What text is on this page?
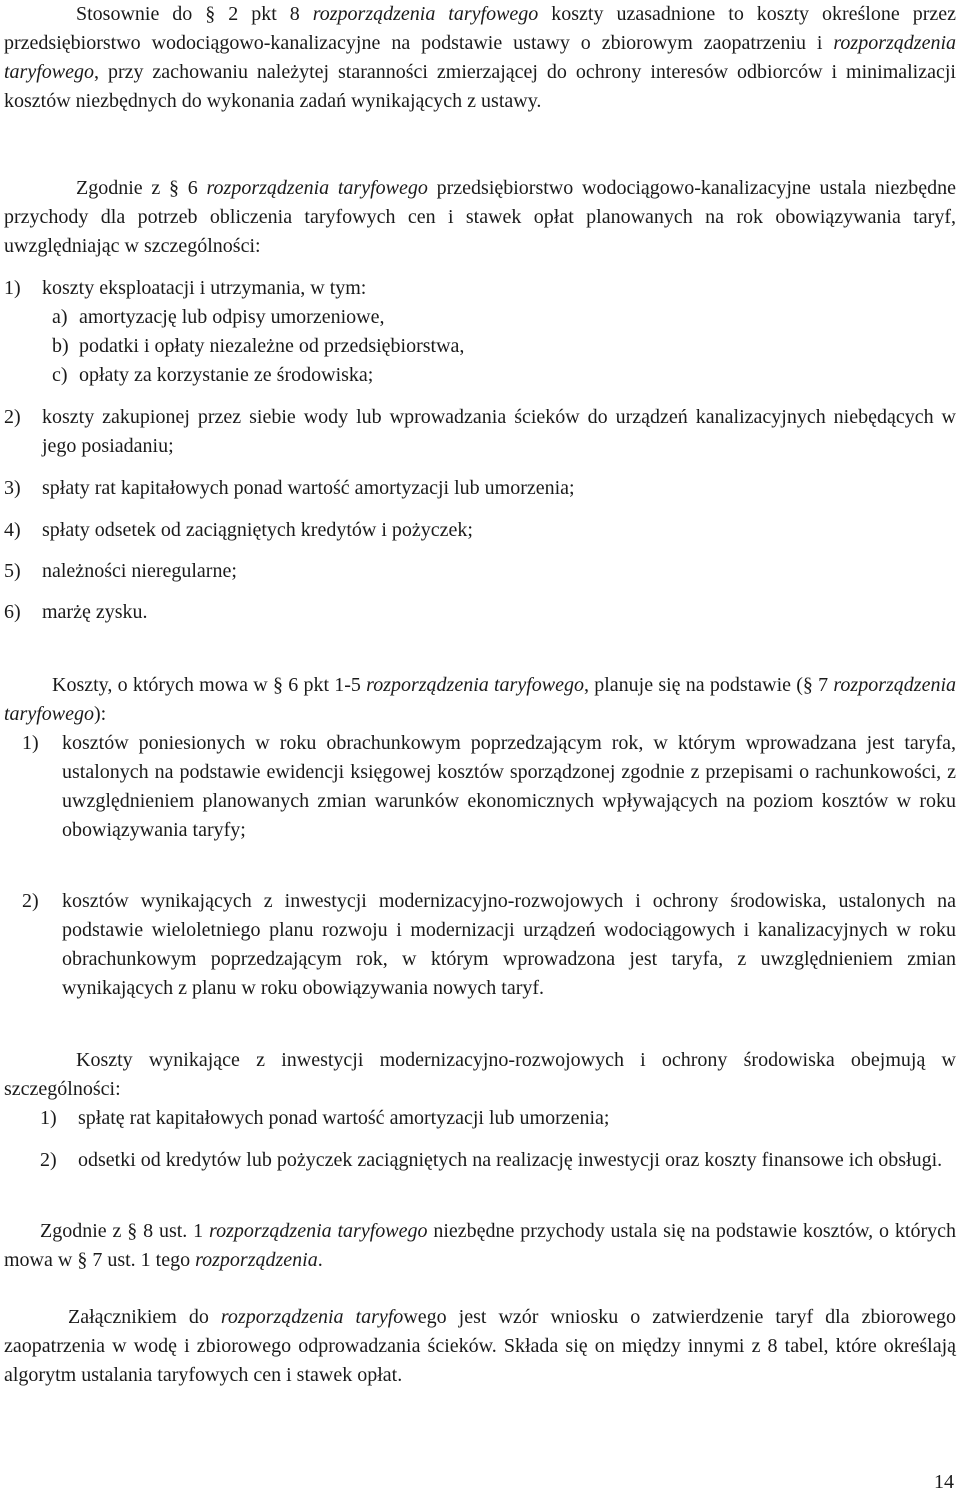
Stosownie do § 2 pkt 8 rozporządzenia taryfowego koszty uzasadnione to koszty określone przez przedsiębiorstwo wodociągowo-kanalizacyjne na podstawie ustawy o zbiorowym zaopatrzeniu i rozporządzenia taryfowego, przy zachowaniu należytej staranności zmierzającej do ochrony interesów odbiorców i minimalizacji kosztów niezbędnych do wykonania zadań wynikających z ustawy.

Zgodnie z § 6 rozporządzenia taryfowego przedsiębiorstwo wodociągowo-kanalizacyjne ustala niezbędne przychody dla potrzeb obliczenia taryfowych cen i stawek opłat planowanych na rok obowiązywania taryf, uwzględniając w szczególności:

1)	koszty eksploatacji i utrzymania, w tym:
a) amortyzację lub odpisy umorzeniowe,
b) podatki i opłaty niezależne od przedsiębiorstwa,
c) opłaty za korzystanie ze środowiska;
2)	koszty zakupionej przez siebie wody lub wprowadzania ścieków do urządzeń kanalizacyjnych niebędących w jego posiadaniu;
3)	spłaty rat kapitałowych ponad wartość amortyzacji lub umorzenia;
4)	spłaty odsetek od zaciągniętych kredytów i pożyczek;
5)	należności nieregularne;
6)	marżę zysku.

Koszty, o których mowa w § 6 pkt 1-5 rozporządzenia taryfowego, planuje się na podstawie (§ 7 rozporządzenia taryfowego):

1)	kosztów poniesionych w roku obrachunkowym poprzedzającym rok, w którym wprowadzana jest taryfa, ustalonych na podstawie ewidencji księgowej kosztów sporządzonej zgodnie z przepisami o rachunkowości, z uwzględnieniem planowanych zmian warunków ekonomicznych wpływających na poziom kosztów w roku obowiązywania taryfy;
2)	kosztów wynikających z inwestycji modernizacyjno-rozwojowych i ochrony środowiska, ustalonych na podstawie wieloletniego planu rozwoju i modernizacji urządzeń wodociągowych i kanalizacyjnych w roku obrachunkowym poprzedzającym rok, w którym wprowadzona jest taryfa, z uwzględnieniem zmian wynikających z planu w roku obowiązywania nowych taryf.

Koszty wynikające z inwestycji modernizacyjno-rozwojowych i ochrony środowiska obejmują w szczególności:

1)	spłatę rat kapitałowych ponad wartość amortyzacji lub umorzenia;
2)	odsetki od kredytów lub pożyczek zaciągniętych na realizację inwestycji oraz koszty finansowe ich obsługi.

Zgodnie z § 8 ust. 1 rozporządzenia taryfowego niezbędne przychody ustala się na podstawie kosztów, o których mowa w § 7 ust. 1 tego rozporządzenia.

Załącznikiem do rozporządzenia taryfowego jest wzór wniosku o zatwierdzenie taryf dla zbiorowego zaopatrzenia w wodę i zbiorowego odprowadzania ścieków. Składa się on między innymi z 8 tabel, które określają algorytm ustalania taryfowych cen i stawek opłat.

14
